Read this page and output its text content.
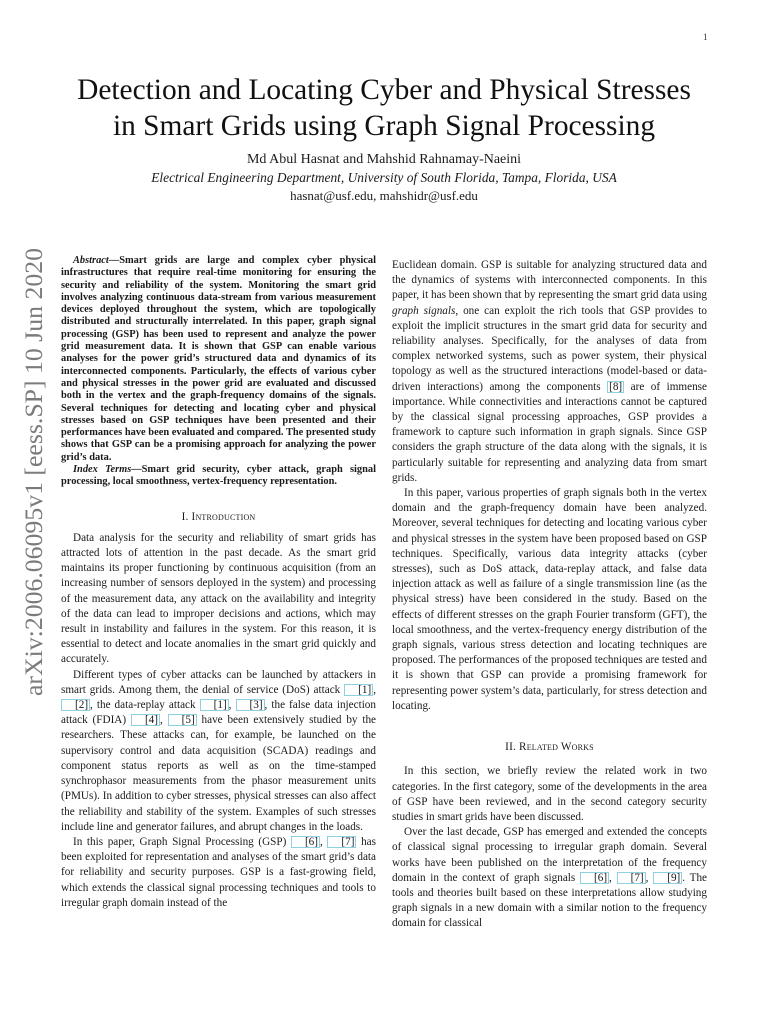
1
arXiv:2006.06095v1 [eess.SP] 10 Jun 2020
Detection and Locating Cyber and Physical Stresses
in Smart Grids using Graph Signal Processing
Md Abul Hasnat and Mahshid Rahnamay-Naeini
Electrical Engineering Department, University of South Florida, Tampa, Florida, USA
hasnat@usf.edu, mahshidr@usf.edu

Abstract—Smart grids are large and complex cyber physical infrastructures that require real-time monitoring for ensuring the security and reliability of the system. Monitoring the smart grid involves analyzing continuous data-stream from various measurement devices deployed throughout the system, which are topologically distributed and structurally interrelated. In this paper, graph signal processing (GSP) has been used to represent and analyze the power grid measurement data. It is shown that GSP can enable various analyses for the power grid’s structured data and dynamics of its interconnected components. Particularly, the effects of various cyber and physical stresses in the power grid are evaluated and discussed both in the vertex and the graph-frequency domains of the signals. Several techniques for detecting and locating cyber and physical stresses based on GSP techniques have been presented and their performances have been evaluated and compared. The presented study shows that GSP can be a promising approach for analyzing the power grid’s data.

Index Terms—Smart grid security, cyber attack, graph signal processing, local smoothness, vertex-frequency representation.

I. Introduction

Data analysis for the security and reliability of smart grids has attracted lots of attention in the past decade. As the smart grid maintains its proper functioning by continuous acquisition (from an increasing number of sensors deployed in the system) and processing of the measurement data, any attack on the availability and integrity of the data can lead to improper decisions and actions, which may result in instability and failures in the system. For this reason, it is essential to detect and locate anomalies in the smart grid quickly and accurately.

Different types of cyber attacks can be launched by attackers in smart grids. Among them, the denial of service (DoS) attack [1] , [2] , the data-replay attack [1] , [3] , the false data injection attack (FDIA) [4] , [5] have been extensively studied by the researchers. These attacks can, for example, be launched on the supervisory control and data acquisition (SCADA) readings and component status reports as well as on the time-stamped synchrophasor measurements from the phasor measurement units (PMUs). In addition to cyber stresses, physical stresses can also affect the reliability and stability of the system. Examples of such stresses include line and generator failures, and abrupt changes in the loads.

In this paper, Graph Signal Processing (GSP) [6] , [7] has been exploited for representation and analyses of the smart grid’s data for reliability and security purposes. GSP is a fast-growing field, which extends the classical signal processing techniques and tools to irregular graph domain instead of the

Euclidean domain. GSP is suitable for analyzing structured data and the dynamics of systems with interconnected components. In this paper, it has been shown that by representing the smart grid data using graph signals, one can exploit the rich tools that GSP provides to exploit the implicit structures in the smart grid data for security and reliability analyses. Specifically, for the analyses of data from complex networked systems, such as power system, their physical topology as well as the structured interactions (model-based or data-driven interactions) among the components [8] are of immense importance. While connectivities and interactions cannot be captured by the classical signal processing approaches, GSP provides a framework to capture such information in graph signals. Since GSP considers the graph structure of the data along with the signals, it is particularly suitable for representing and analyzing data from smart grids.

In this paper, various properties of graph signals both in the vertex domain and the graph-frequency domain have been analyzed. Moreover, several techniques for detecting and locating various cyber and physical stresses in the system have been proposed based on GSP techniques. Specifically, various data integrity attacks (cyber stresses), such as DoS attack, data-replay attack, and false data injection attack as well as failure of a single transmission line (as the physical stress) have been considered in the study. Based on the effects of different stresses on the graph Fourier transform (GFT), the local smoothness, and the vertex-frequency energy distribution of the graph signals, various stress detection and locating techniques are proposed. The performances of the proposed techniques are tested and it is shown that GSP can provide a promising framework for representing power system’s data, particularly, for stress detection and locating.

II. Related Works

In this section, we briefly review the related work in two categories. In the first category, some of the developments in the area of GSP have been reviewed, and in the second category security studies in smart grids have been discussed.

Over the last decade, GSP has emerged and extended the concepts of classical signal processing to irregular graph domain. Several works have been published on the interpretation of the frequency domain in the context of graph signals [6] , [7] , [9] . The tools and theories built based on these interpretations allow studying graph signals in a new domain with a similar notion to the frequency domain for classical
